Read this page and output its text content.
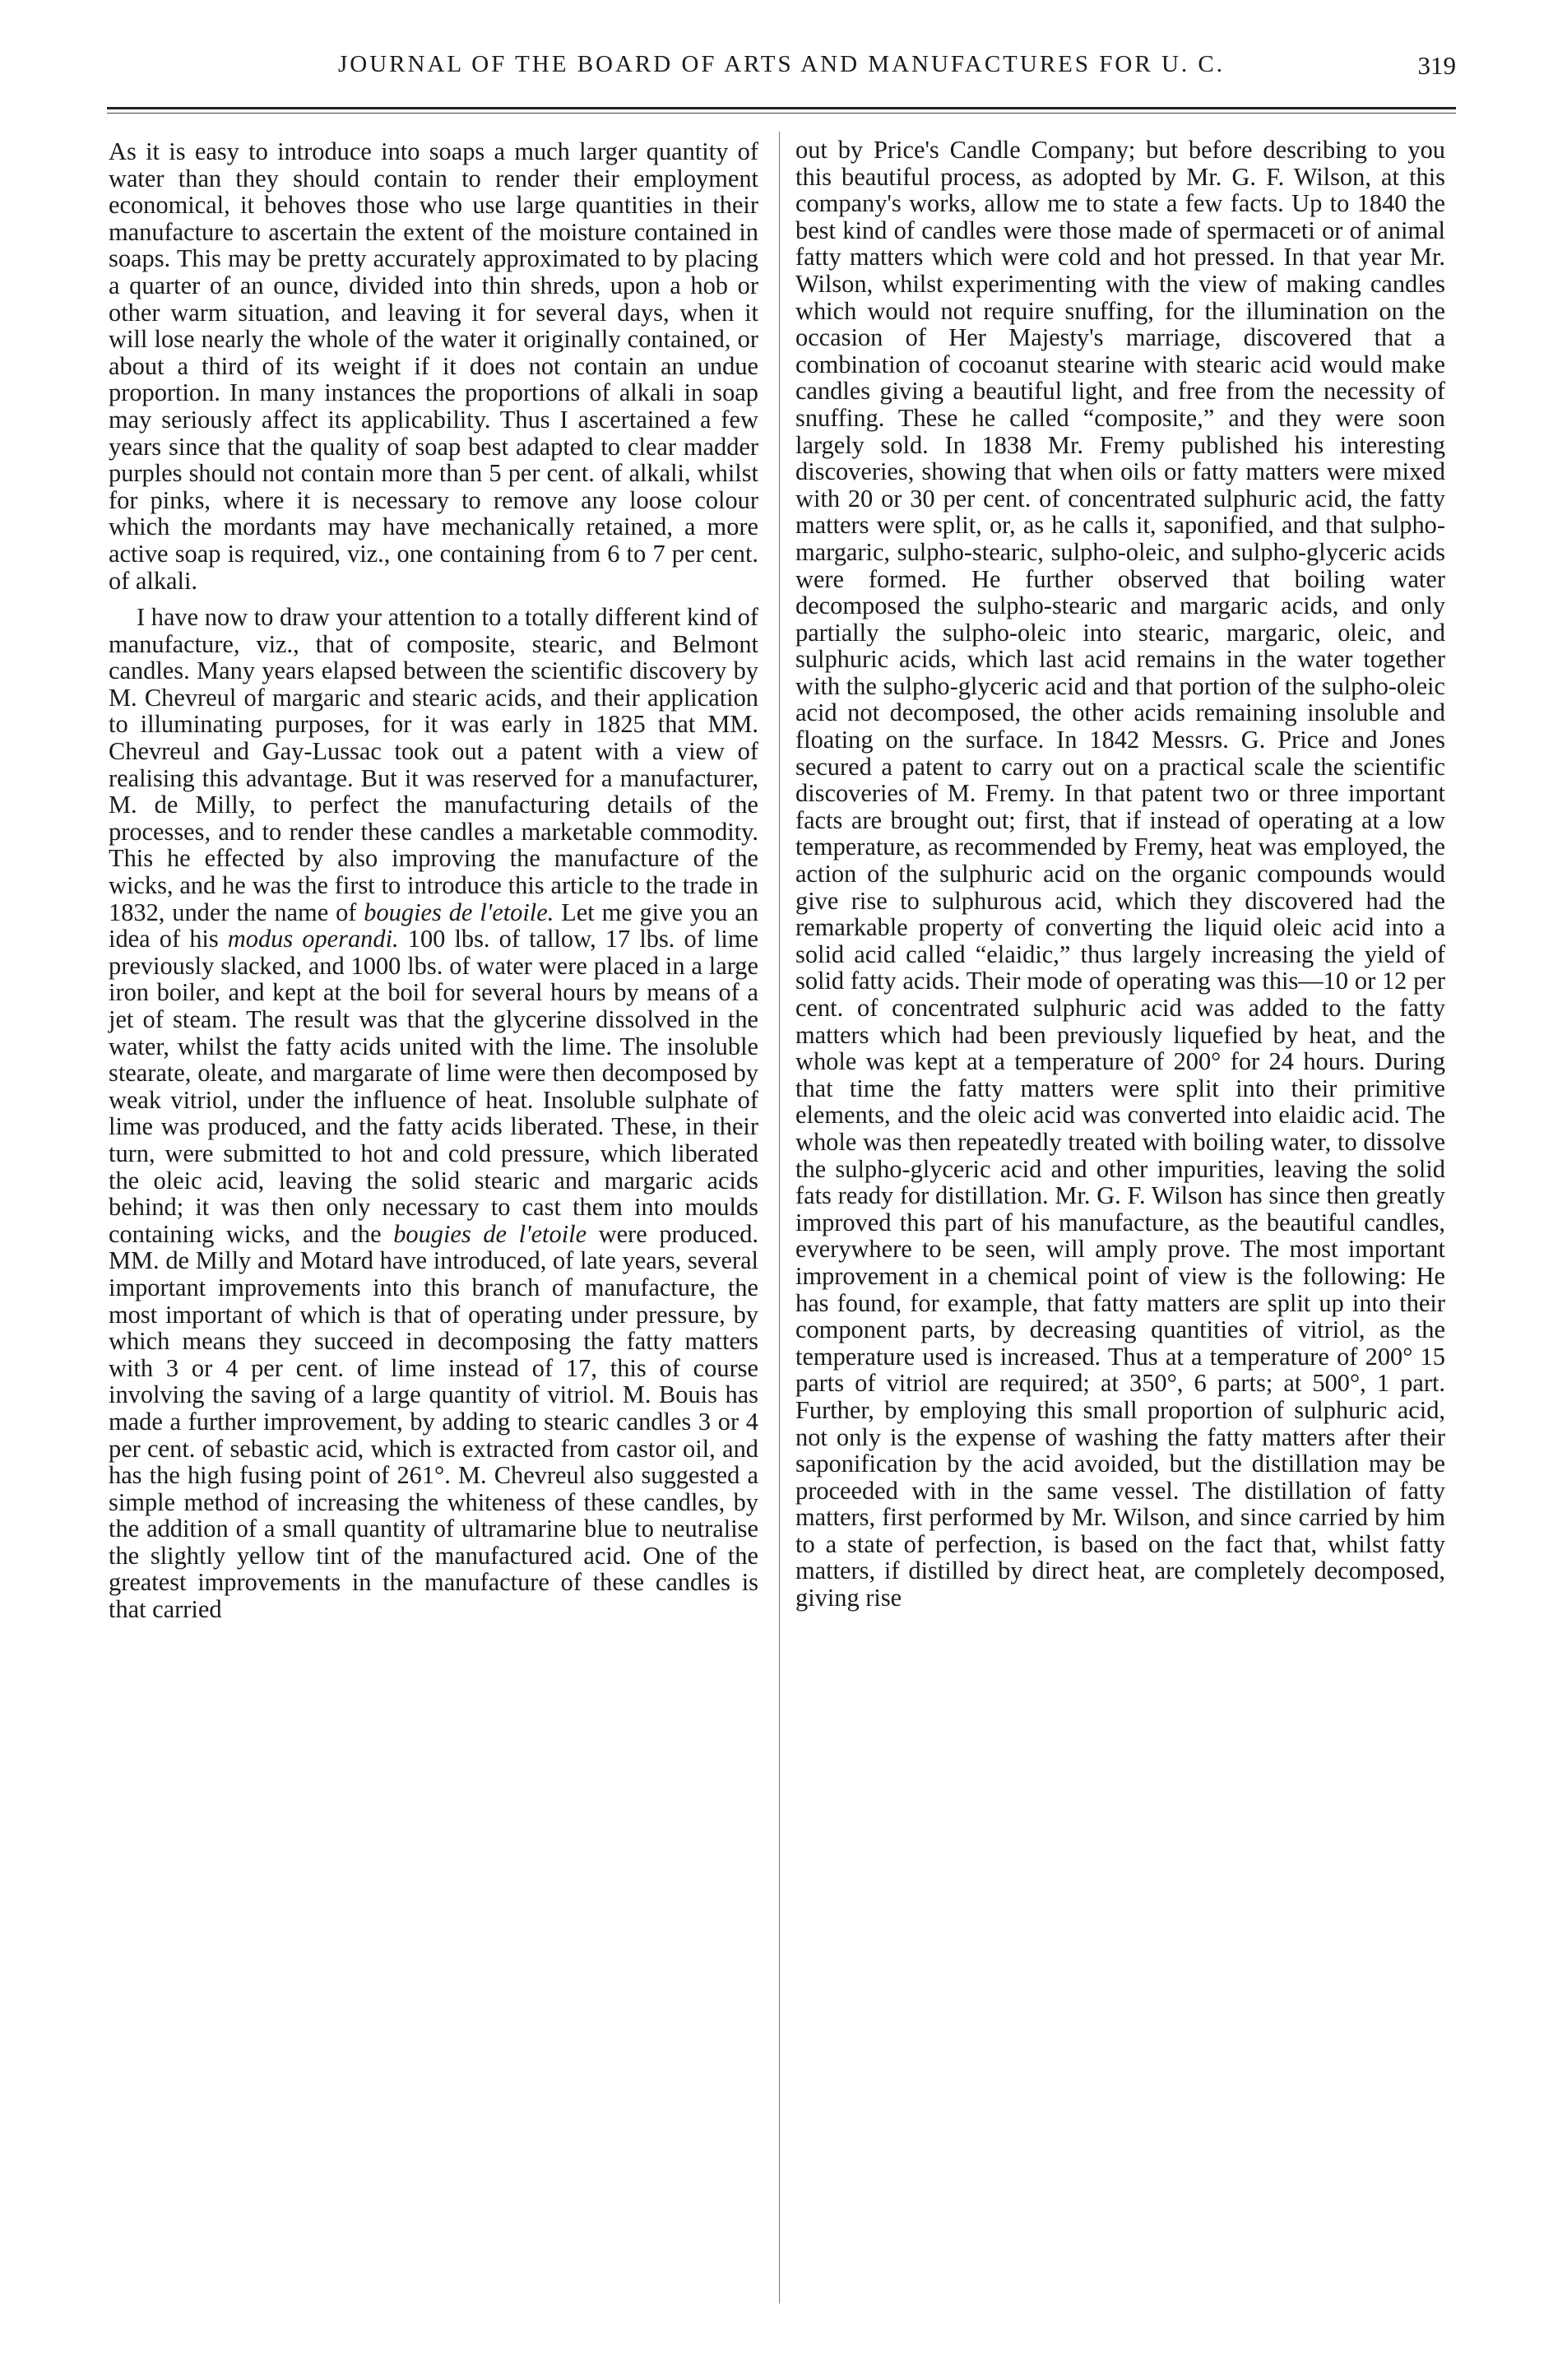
JOURNAL OF THE BOARD OF ARTS AND MANUFACTURES FOR U. C.	319

As it is easy to introduce into soaps a much larger quantity of water than they should contain to render their employment economical, it behoves those who use large quantities in their manufacture to ascertain the extent of the moisture contained in soaps. This may be pretty accurately approximated to by placing a quarter of an ounce, divided into thin shreds, upon a hob or other warm situation, and leaving it for several days, when it will lose nearly the whole of the water it originally contained, or about a third of its weight if it does not contain an undue proportion. In many instances the proportions of alkali in soap may seriously affect its applicability. Thus I ascertained a few years since that the quality of soap best adapted to clear madder purples should not contain more than 5 per cent. of alkali, whilst for pinks, where it is necessary to remove any loose colour which the mordants may have mechanically retained, a more active soap is required, viz., one containing from 6 to 7 per cent. of alkali.

I have now to draw your attention to a totally different kind of manufacture, viz., that of composite, stearic, and Belmont candles. Many years elapsed between the scientific discovery by M. Chevreul of margaric and stearic acids, and their application to illuminating purposes, for it was early in 1825 that MM. Chevreul and Gay-Lussac took out a patent with a view of realising this advantage. But it was reserved for a manufacturer, M. de Milly, to perfect the manufacturing details of the processes, and to render these candles a marketable commodity. This he effected by also improving the manufacture of the wicks, and he was the first to introduce this article to the trade in 1832, under the name of bougies de l'etoile. Let me give you an idea of his modus operandi. 100 lbs. of tallow, 17 lbs. of lime previously slacked, and 1000 lbs. of water were placed in a large iron boiler, and kept at the boil for several hours by means of a jet of steam. The result was that the glycerine dissolved in the water, whilst the fatty acids united with the lime. The insoluble stearate, oleate, and margarate of lime were then decomposed by weak vitriol, under the influence of heat. Insoluble sulphate of lime was produced, and the fatty acids liberated. These, in their turn, were submitted to hot and cold pressure, which liberated the oleic acid, leaving the solid stearic and margaric acids behind; it was then only necessary to cast them into moulds containing wicks, and the bougies de l'etoile were produced. MM. de Milly and Motard have introduced, of late years, several important improvements into this branch of manufacture, the most important of which is that of operating under pressure, by which means they succeed in decomposing the fatty matters with 3 or 4 per cent. of lime instead of 17, this of course involving the saving of a large quantity of vitriol. M. Bouis has made a further improvement, by adding to stearic candles 3 or 4 per cent. of sebastic acid, which is extracted from castor oil, and has the high fusing point of 261°. M. Chevreul also suggested a simple method of increasing the whiteness of these candles, by the addition of a small quantity of ultramarine blue to neutralise the slightly yellow tint of the manufactured acid. One of the greatest improvements in the manufacture of these candles is that carried

out by Price's Candle Company; but before describing to you this beautiful process, as adopted by Mr. G. F. Wilson, at this company's works, allow me to state a few facts. Up to 1840 the best kind of candles were those made of spermaceti or of animal fatty matters which were cold and hot pressed. In that year Mr. Wilson, whilst experimenting with the view of making candles which would not require snuffing, for the illumination on the occasion of Her Majesty's marriage, discovered that a combination of cocoanut stearine with stearic acid would make candles giving a beautiful light, and free from the necessity of snuffing. These he called “composite,” and they were soon largely sold. In 1838 Mr. Fremy published his interesting discoveries, showing that when oils or fatty matters were mixed with 20 or 30 per cent. of concentrated sulphuric acid, the fatty matters were split, or, as he calls it, saponified, and that sulpho-margaric, sulpho-stearic, sulpho-oleic, and sulpho-glyceric acids were formed. He further observed that boiling water decomposed the sulpho-stearic and margaric acids, and only partially the sulpho-oleic into stearic, margaric, oleic, and sulphuric acids, which last acid remains in the water together with the sulpho-glyceric acid and that portion of the sulpho-oleic acid not decomposed, the other acids remaining insoluble and floating on the surface. In 1842 Messrs. G. Price and Jones secured a patent to carry out on a practical scale the scientific discoveries of M. Fremy. In that patent two or three important facts are brought out; first, that if instead of operating at a low temperature, as recommended by Fremy, heat was employed, the action of the sulphuric acid on the organic compounds would give rise to sulphurous acid, which they discovered had the remarkable property of converting the liquid oleic acid into a solid acid called “elaidic,” thus largely increasing the yield of solid fatty acids. Their mode of operating was this—10 or 12 per cent. of concentrated sulphuric acid was added to the fatty matters which had been previously liquefied by heat, and the whole was kept at a temperature of 200° for 24 hours. During that time the fatty matters were split into their primitive elements, and the oleic acid was converted into elaidic acid. The whole was then repeatedly treated with boiling water, to dissolve the sulpho-glyceric acid and other impurities, leaving the solid fats ready for distillation. Mr. G. F. Wilson has since then greatly improved this part of his manufacture, as the beautiful candles, everywhere to be seen, will amply prove. The most important improvement in a chemical point of view is the following: He has found, for example, that fatty matters are split up into their component parts, by decreasing quantities of vitriol, as the temperature used is increased. Thus at a temperature of 200° 15 parts of vitriol are required; at 350°, 6 parts; at 500°, 1 part. Further, by employing this small proportion of sulphuric acid, not only is the expense of washing the fatty matters after their saponification by the acid avoided, but the distillation may be proceeded with in the same vessel. The distillation of fatty matters, first performed by Mr. Wilson, and since carried by him to a state of perfection, is based on the fact that, whilst fatty matters, if distilled by direct heat, are completely decomposed, giving rise
